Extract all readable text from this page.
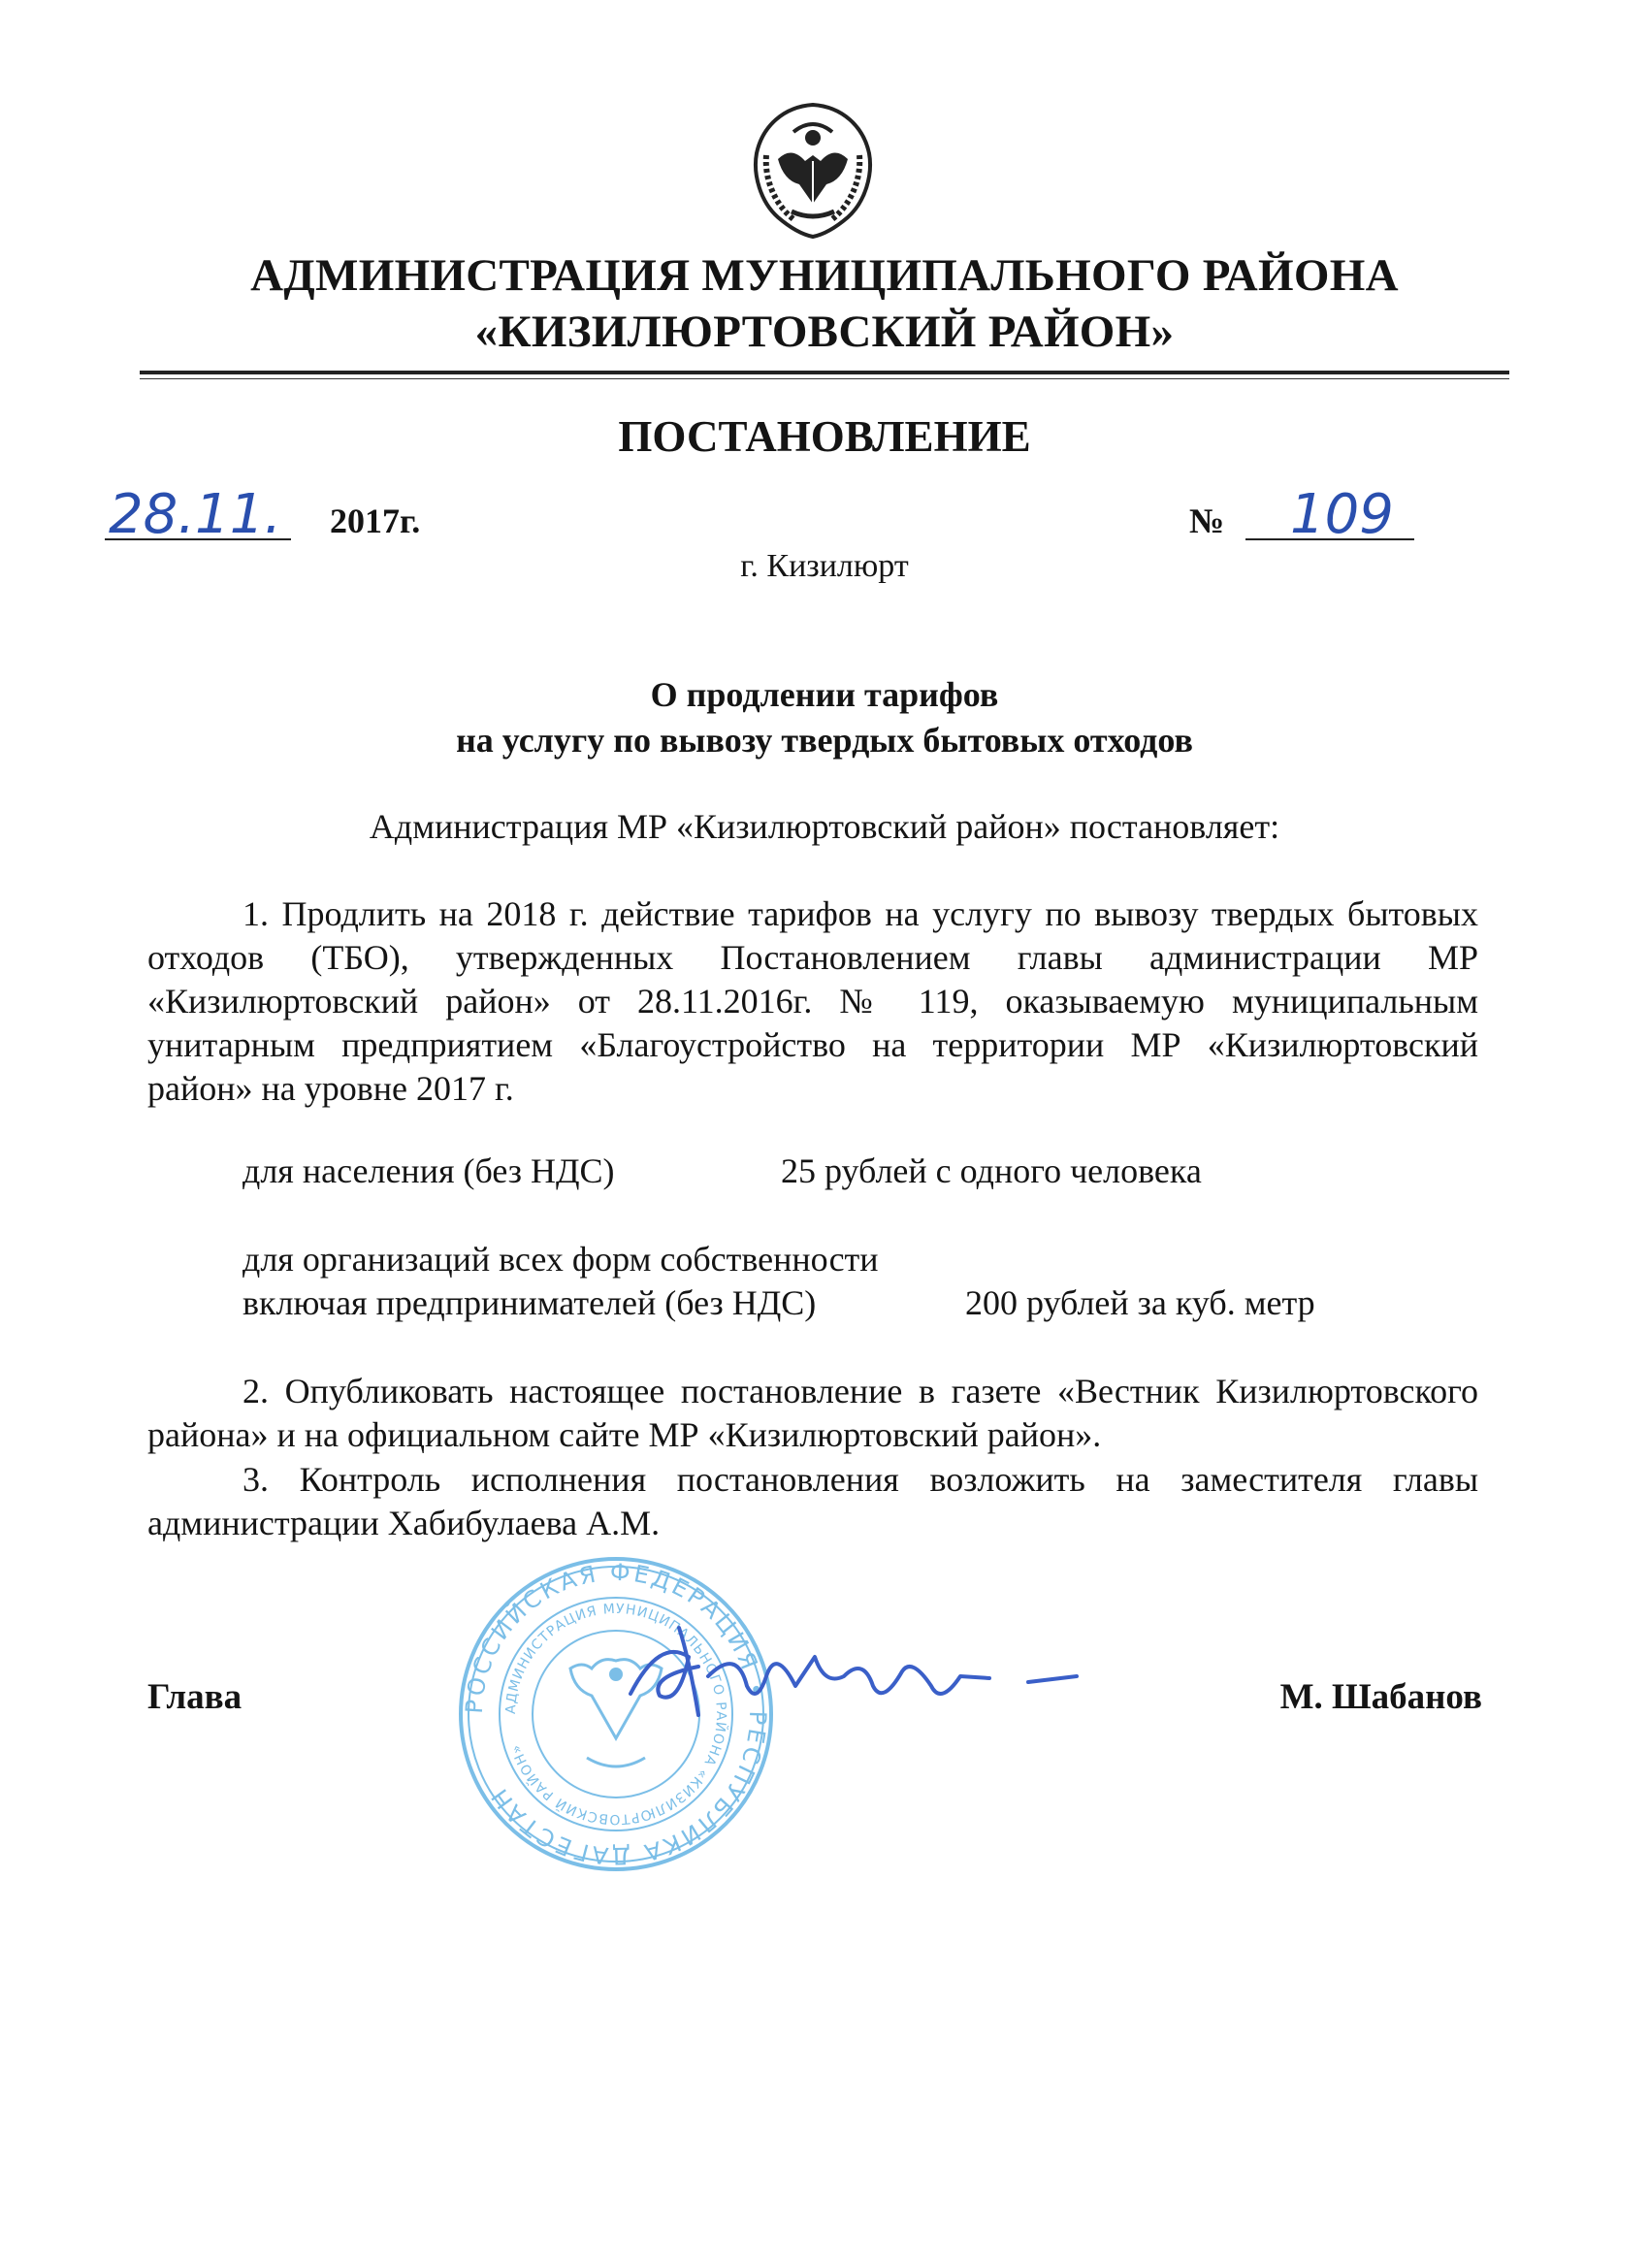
АДМИНИСТРАЦИЯ МУНИЦИПАЛЬНОГО РАЙОНА
«КИЗИЛЮРТОВСКИЙ РАЙОН»
ПОСТАНОВЛЕНИЕ
28.11. 2017г.	№ 109
г. Кизилюрт
О продлении тарифов
на услугу по вывозу твердых бытовых отходов
Администрация МР «Кизилюртовский район» постановляет:
1. Продлить на 2018 г. действие тарифов на услугу по вывозу твердых бытовых отходов (ТБО), утвержденных Постановлением главы администрации МР «Кизилюртовский район» от 28.11.2016г. № 119, оказываемую муниципальным унитарным предприятием «Благоустройство на территории МР «Кизилюртовский район» на уровне 2017 г.
для населения (без НДС)	25 рублей с одного человека
для организаций всех форм собственности
включая предпринимателей (без НДС)	200 рублей за куб. метр
2. Опубликовать настоящее постановление в газете «Вестник Кизилюртовского района» и на официальном сайте МР «Кизилюртовский район».
3. Контроль исполнения постановления возложить на заместителя главы администрации Хабибулаева А.М.
РОССИЙСКАЯ ФЕДЕРАЦИЯ • РЕСПУБЛИКА ДАГЕСТАН
АДМИНИСТРАЦИЯ МУНИЦИПАЛЬНОГО РАЙОНА «КИЗИЛЮРТОВСКИЙ РАЙОН»
Глава	М. Шабанов
